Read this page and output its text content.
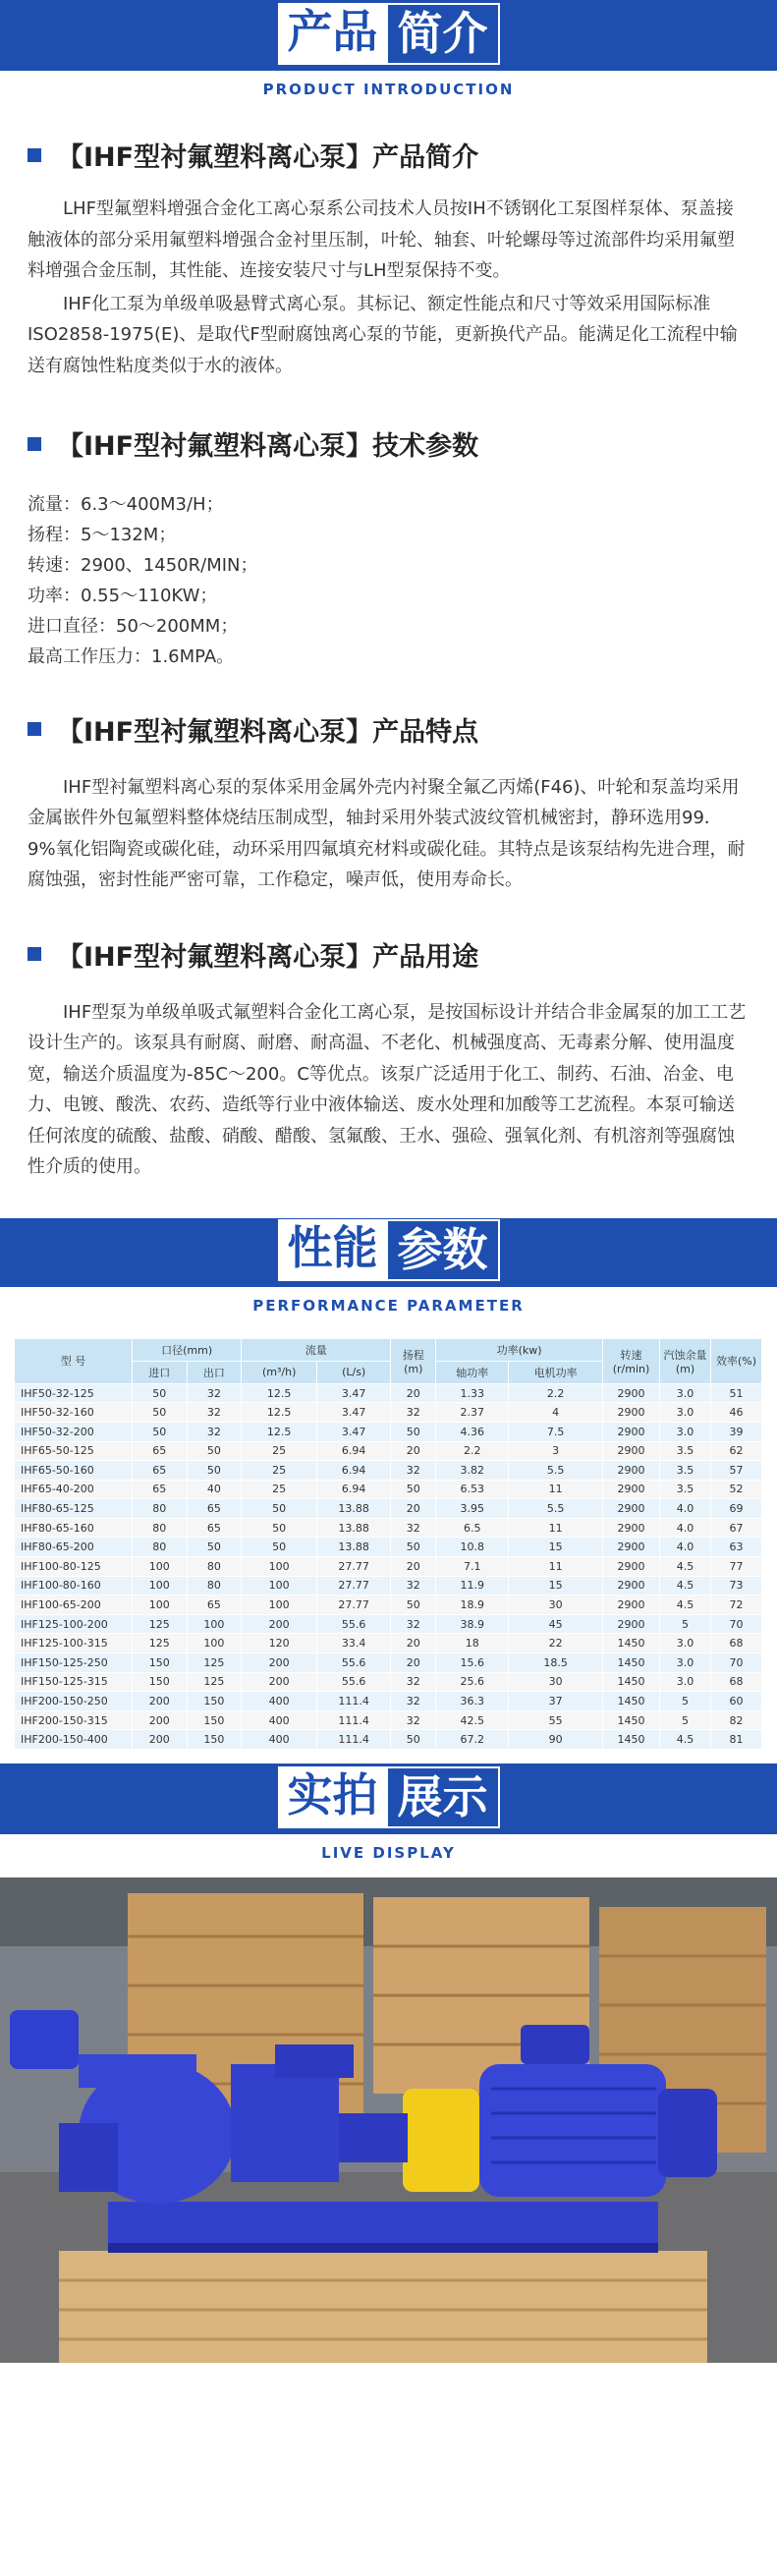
产品 简介
PRODUCT INTRODUCTION
【IHF型衬氟塑料离心泵】产品简介

LHF型氟塑料增强合金化工离心泵系公司技术人员按IH不锈钢化工泵图样泵体、泵盖接触液体的部分采用氟塑料增强合金衬里压制，叶轮、轴套、叶轮螺母等过流部件均采用氟塑料增强合金压制，其性能、连接安装尺寸与LH型泵保持不变。

IHF化工泵为单级单吸悬臂式离心泵。其标记、额定性能点和尺寸等效采用国际标准ISO2858-1975(E)、是取代F型耐腐蚀离心泵的节能，更新换代产品。能满足化工流程中输送有腐蚀性粘度类似于水的液体。

【IHF型衬氟塑料离心泵】技术参数
流量：6.3～400M3/H；
扬程：5～132M；
转速：2900、1450R/MIN；
功率：0.55～110KW；
进口直径：50～200MM；
最高工作压力：1.6MPA。
【IHF型衬氟塑料离心泵】产品特点

IHF型衬氟塑料离心泵的泵体采用金属外壳内衬聚全氟乙丙烯(F46)、叶轮和泵盖均采用金属嵌件外包氟塑料整体烧结压制成型，轴封采用外装式波纹管机械密封，静环选用99．9%氧化铝陶瓷或碳化硅，动环采用四氟填充材料或碳化硅。其特点是该泵结构先进合理，耐腐蚀强，密封性能严密可靠，工作稳定，噪声低，使用寿命长。

【IHF型衬氟塑料离心泵】产品用途

IHF型泵为单级单吸式氟塑料合金化工离心泵，是按国标设计并结合非金属泵的加工工艺设计生产的。该泵具有耐腐、耐磨、耐高温、不老化、机械强度高、无毒素分解、使用温度宽，输送介质温度为-85C～200。C等优点。该泵广泛适用于化工、制药、石油、冶金、电力、电镀、酸洗、农药、造纸等行业中液体输送、废水处理和加酸等工艺流程。本泵可输送任何浓度的硫酸、盐酸、硝酸、醋酸、氢氟酸、王水、强硷、强氧化剂、有机溶剂等强腐蚀性介质的使用。

性能 参数
PERFORMANCE PARAMETER
型 号	口径(mm)		流量		扬程(m)	功率(kw)		转速(r/min)	汽蚀余量(m)	效率(%)
	进口	出口	(m³/h)	(L/s)		轴功率	电机功率			
IHF50-32-125	50	32	12.5	3.47	20	1.33	2.2	2900	3.0	51
IHF50-32-160	50	32	12.5	3.47	32	2.37	4	2900	3.0	46
IHF50-32-200	50	32	12.5	3.47	50	4.36	7.5	2900	3.0	39
IHF65-50-125	65	50	25	6.94	20	2.2	3	2900	3.5	62
IHF65-50-160	65	50	25	6.94	32	3.82	5.5	2900	3.5	57
IHF65-40-200	65	40	25	6.94	50	6.53	11	2900	3.5	52
IHF80-65-125	80	65	50	13.88	20	3.95	5.5	2900	4.0	69
IHF80-65-160	80	65	50	13.88	32	6.5	11	2900	4.0	67
IHF80-65-200	80	50	50	13.88	50	10.8	15	2900	4.0	63
IHF100-80-125	100	80	100	27.77	20	7.1	11	2900	4.5	77
IHF100-80-160	100	80	100	27.77	32	11.9	15	2900	4.5	73
IHF100-65-200	100	65	100	27.77	50	18.9	30	2900	4.5	72
IHF125-100-200	125	100	200	55.6	32	38.9	45	2900	5	70
IHF125-100-315	125	100	120	33.4	20	18	22	1450	3.0	68
IHF150-125-250	150	125	200	55.6	20	15.6	18.5	1450	3.0	70
IHF150-125-315	150	125	200	55.6	32	25.6	30	1450	3.0	68
IHF200-150-250	200	150	400	111.4	32	36.3	37	1450	5	60
IHF200-150-315	200	150	400	111.4	32	42.5	55	1450	5	82
IHF200-150-400	200	150	400	111.4	50	67.2	90	1450	4.5	81
实拍 展示
LIVE DISPLAY
